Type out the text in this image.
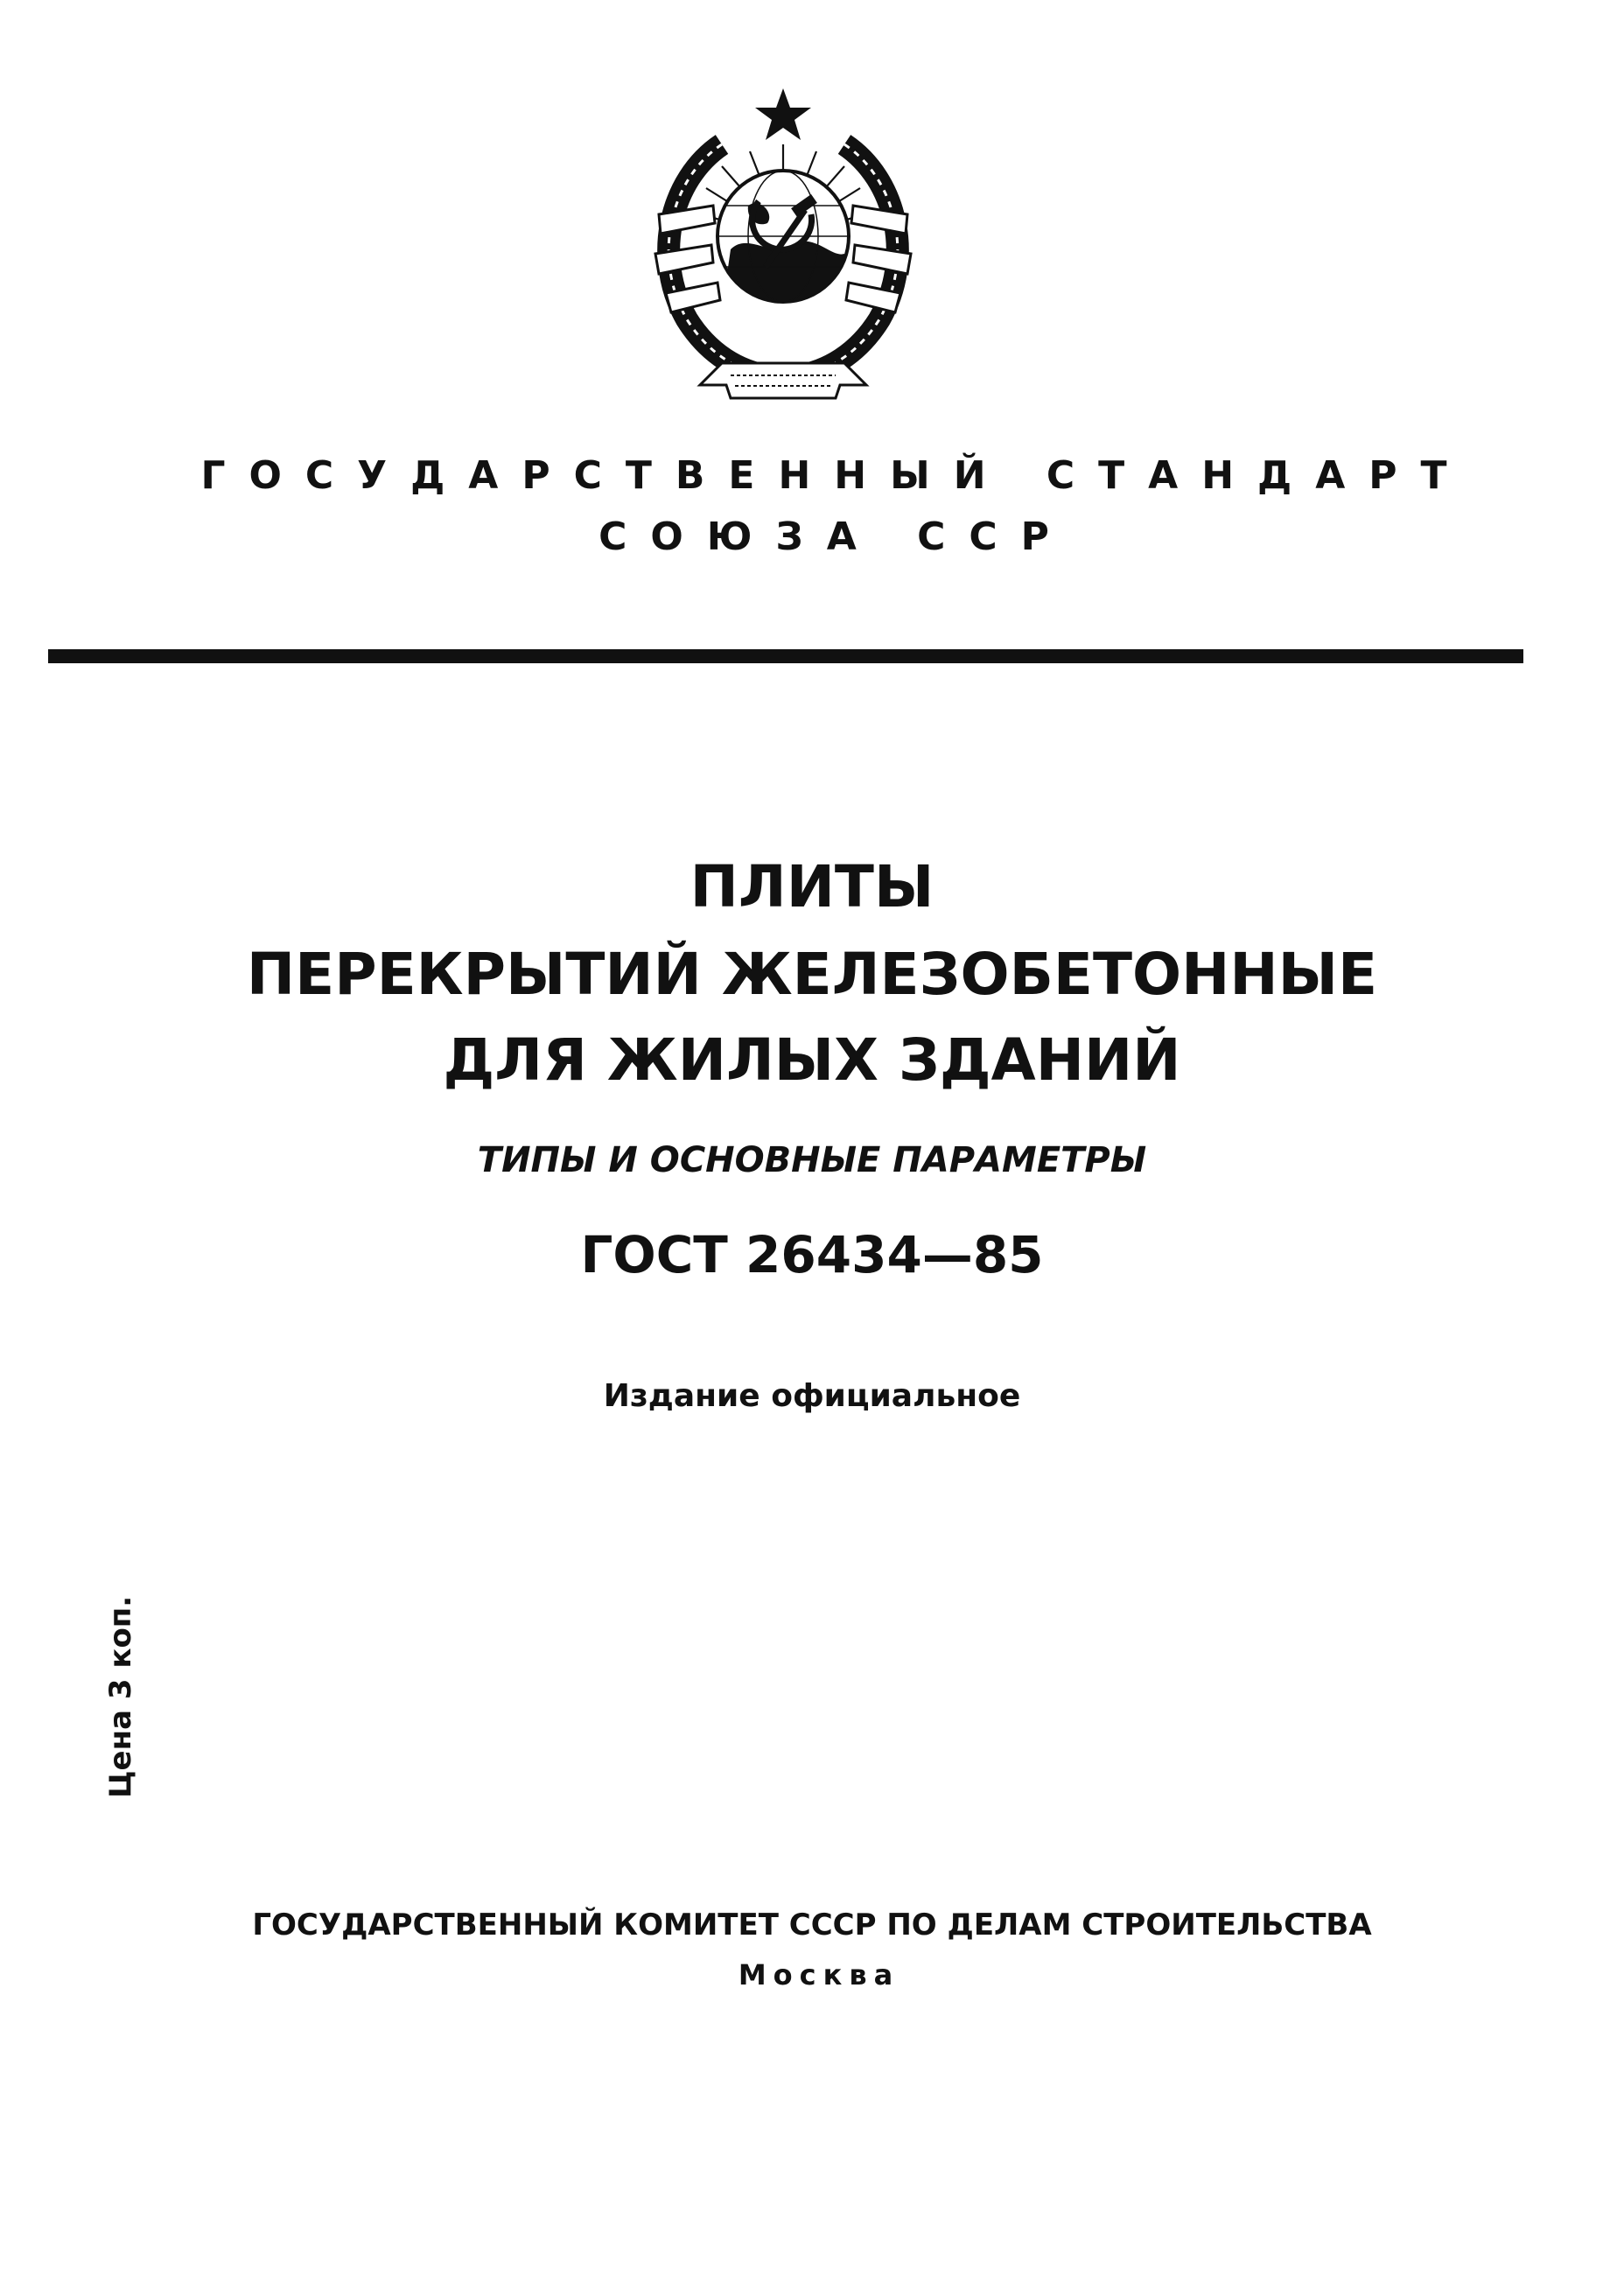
ГОСУДАРСТВЕННЫЙ СТАНДАРТ
СОЮЗА ССР
ПЛИТЫ
ПЕРЕКРЫТИЙ ЖЕЛЕЗОБЕТОННЫЕ
ДЛЯ ЖИЛЫХ ЗДАНИЙ
ТИПЫ И ОСНОВНЫЕ ПАРАМЕТРЫ
ГОСТ 26434—85
Издание официальное
Цена 3 коп.
ГОСУДАРСТВЕННЫЙ КОМИТЕТ СССР ПО ДЕЛАМ СТРОИТЕЛЬСТВА
Москва
